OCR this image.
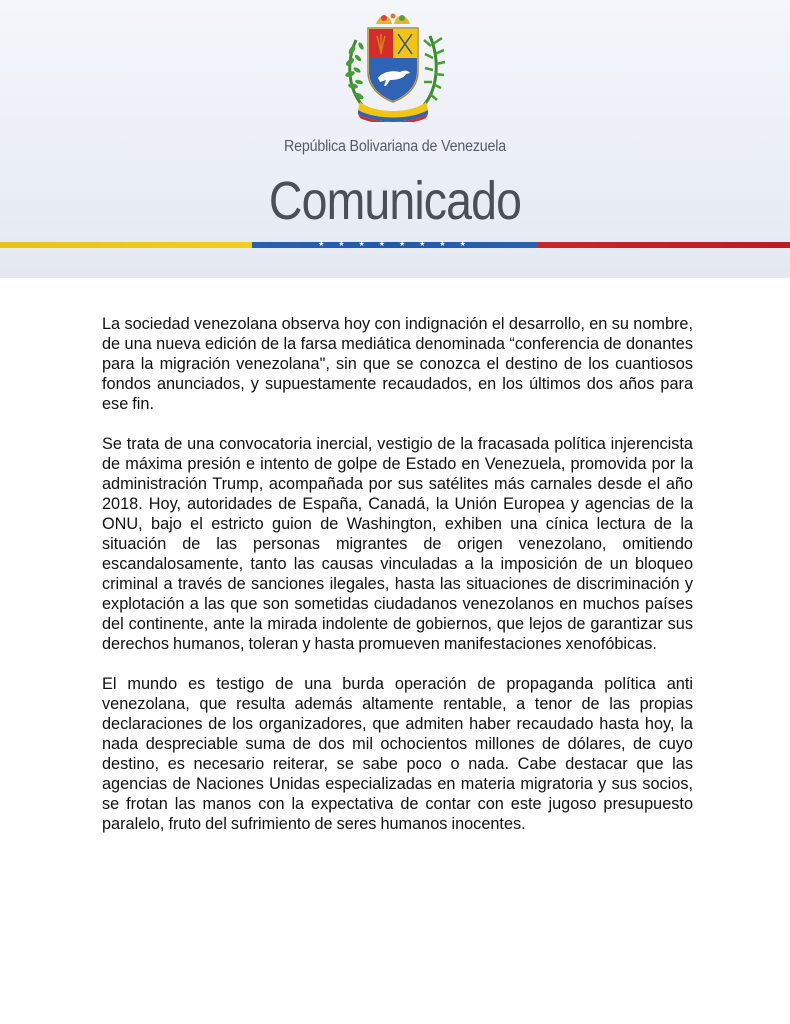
República Bolivariana de Venezuela
Comunicado
★ ★ ★ ★ ★ ★ ★ ★

La sociedad venezolana observa hoy con indignación el desarrollo, en su nombre, de una nueva edición de la farsa mediática denominada “conferencia de donantes para la migración venezolana", sin que se conozca el destino de los cuantiosos fondos anunciados, y supuestamente recaudados, en los últimos dos años para ese fin.

Se trata de una convocatoria inercial, vestigio de la fracasada política injerencista de máxima presión e intento de golpe de Estado en Venezuela, promovida por la administración Trump, acompañada por sus satélites más carnales desde el año 2018. Hoy, autoridades de España, Canadá, la Unión Europea y agencias de la ONU, bajo el estricto guion de Washington, exhiben una cínica lectura de la situación de las personas migrantes de origen venezolano, omitiendo escandalosamente, tanto las causas vinculadas a la imposición de un bloqueo criminal a través de sanciones ilegales, hasta las situaciones de discriminación y explotación a las que son sometidas ciudadanos venezolanos en muchos países del continente, ante la mirada indolente de gobiernos, que lejos de garantizar sus derechos humanos, toleran y hasta promueven manifestaciones xenofóbicas.

El mundo es testigo de una burda operación de propaganda política anti venezolana, que resulta además altamente rentable, a tenor de las propias declaraciones de los organizadores, que admiten haber recaudado hasta hoy, la nada despreciable suma de dos mil ochocientos millones de dólares, de cuyo destino, es necesario reiterar, se sabe poco o nada. Cabe destacar que las agencias de Naciones Unidas especializadas en materia migratoria y sus socios, se frotan las manos con la expectativa de contar con este jugoso presupuesto paralelo, fruto del sufrimiento de seres humanos inocentes.
